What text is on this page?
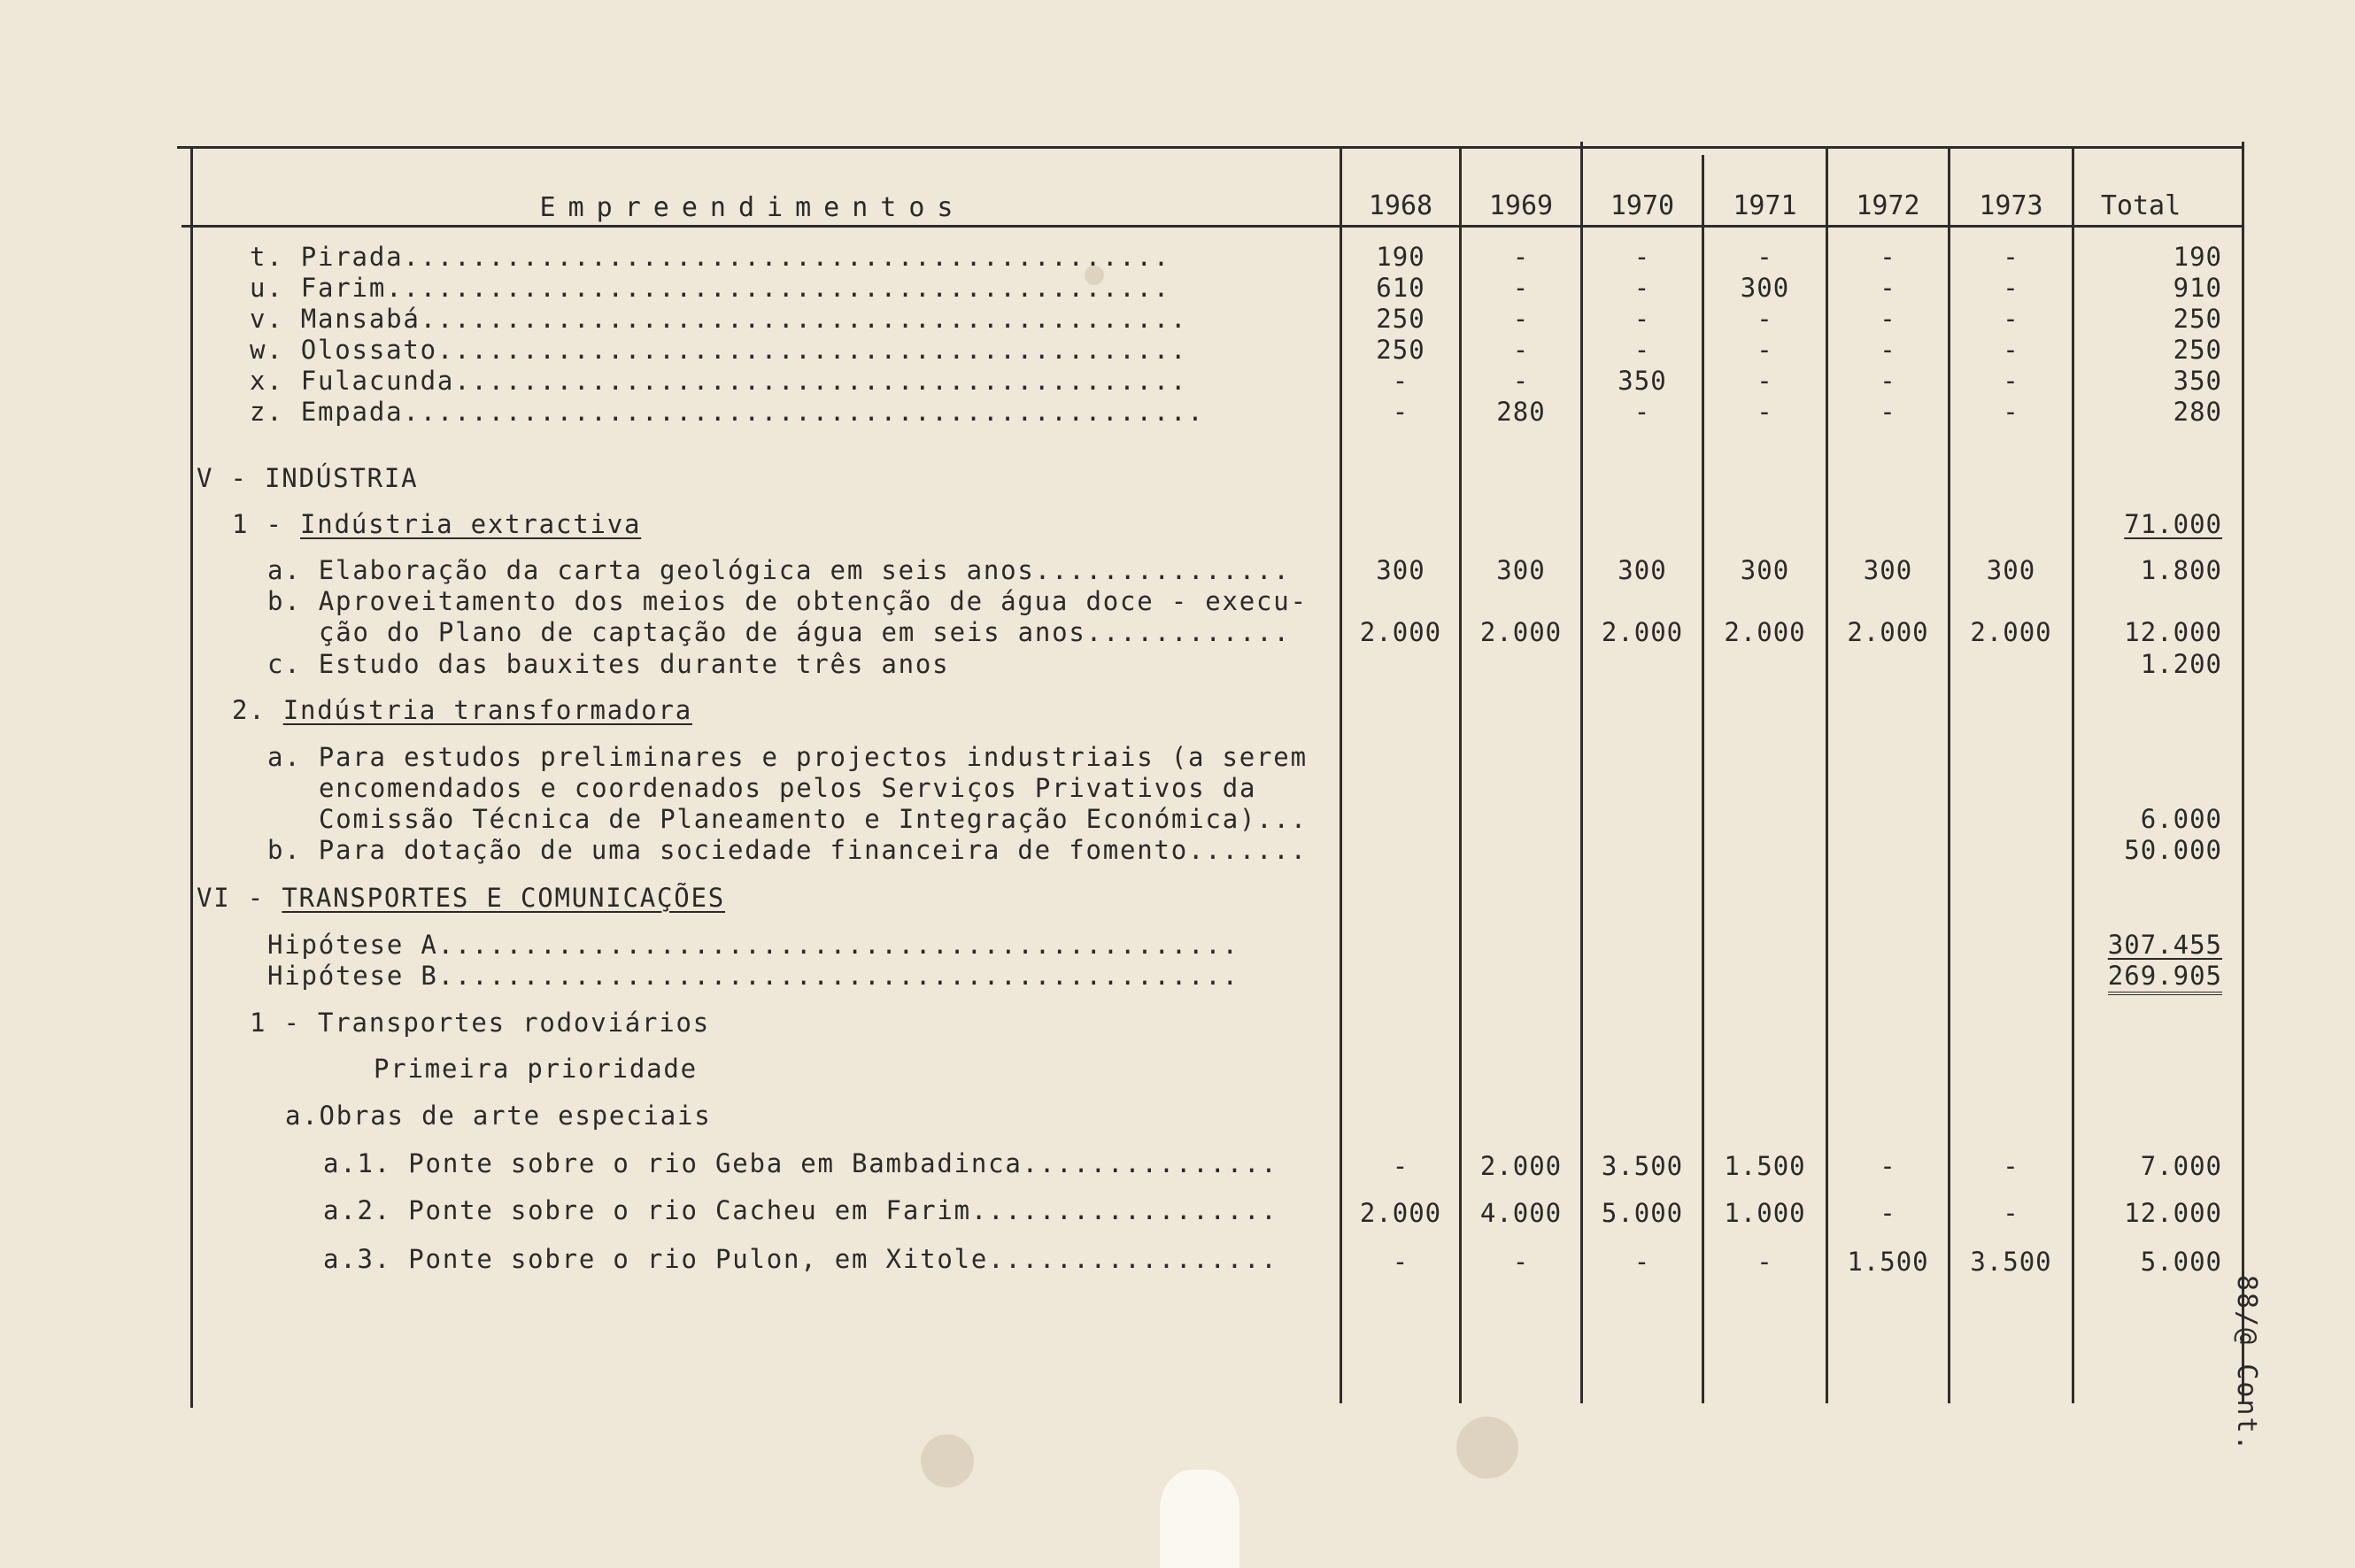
Empreendimentos	1968	1969	1970	1971	1972	1973	Total
t. Pirada.............................................	190	-	-	-	-	-	190
u. Farim..............................................	610	-	-	300	-	-	910
v. Mansabá.............................................	250	-	-	-	-	-	250
w. Olossato............................................	250	-	-	-	-	-	250
x. Fulacunda...........................................	-	-	350	-	-	-	350
z. Empada...............................................	-	280	-	-	-	-	280
V - INDÚSTRIA
1 - Indústria extractiva	71.000
a. Elaboração da carta geológica em seis anos...............	300	300	300	300	300	300	1.800
b. Aproveitamento dos meios de obtenção de água doce - execu-
ção do Plano de captação de água em seis anos............	2.000	2.000	2.000	2.000	2.000	2.000	12.000
c. Estudo das bauxites durante três anos	1.200
2. Indústria transformadora
a. Para estudos preliminares e projectos industriais (a serem
encomendados e coordenados pelos Serviços Privativos da
Comissão Técnica de Planeamento e Integração Económica)...	6.000
b. Para dotação de uma sociedade financeira de fomento.......	50.000
VI - TRANSPORTES E COMUNICAÇÕES
Hipótese A...............................................	307.455
Hipótese B...............................................	269.905
1 - Transportes rodoviários
Primeira prioridade
a.Obras de arte especiais
a.1. Ponte sobre o rio Geba em Bambadinca...............	-	2.000	3.500	1.500	-	-	7.000
a.2. Ponte sobre o rio Cacheu em Farim..................	2.000	4.000	5.000	1.000	-	-	12.000
a.3. Ponte sobre o rio Pulon, em Xitole.................	-	-	-	-	1.500	3.500	5.000
88/@ Cont.
